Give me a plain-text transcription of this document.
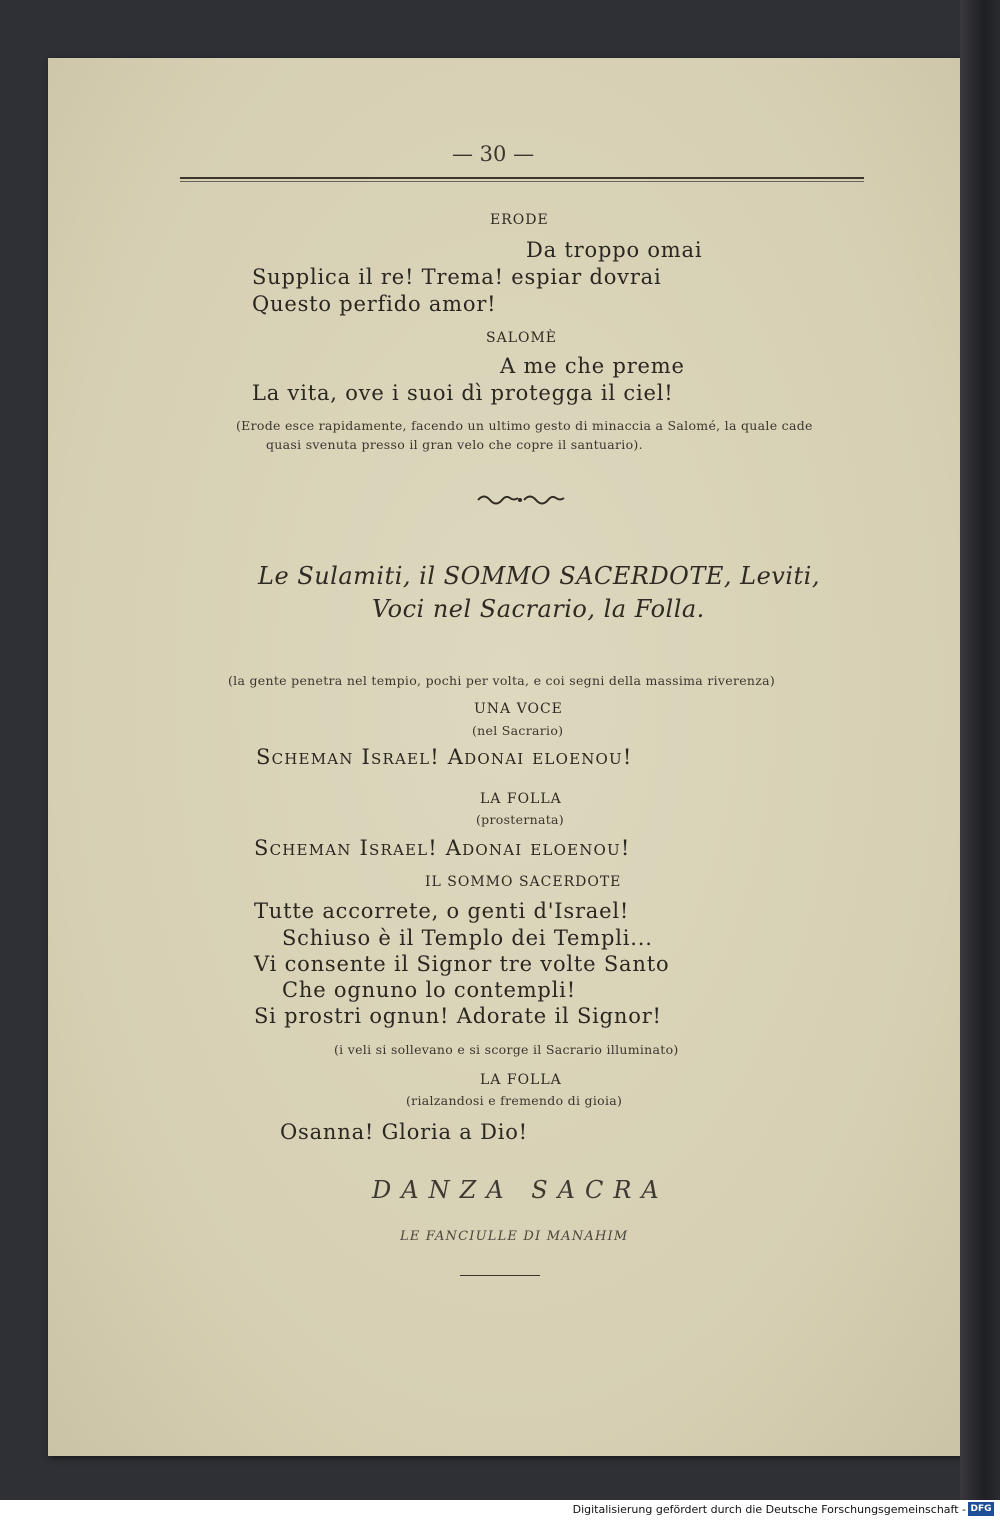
— 30 —
ERODE
Da troppo omai
Supplica il re! Trema! espiar dovrai
Questo perfido amor!
SALOMÈ
A me che preme
La vita, ove i suoi dì protegga il ciel!
(Erode esce rapidamente, facendo un ultimo gesto di minaccia a Salomé, la quale cade
quasi svenuta presso il gran velo che copre il santuario).
Le Sulamiti, il SOMMO SACERDOTE, Leviti,
Voci nel Sacrario, la Folla.
(la gente penetra nel tempio, pochi per volta, e coi segni della massima riverenza)
UNA VOCE
(nel Sacrario)
Scheman Israel! Adonai eloenou!
LA FOLLA
(prosternata)
Scheman Israel! Adonai eloenou!
IL SOMMO SACERDOTE
Tutte accorrete, o genti d'Israel!
Schiuso è il Templo dei Templi...
Vi consente il Signor tre volte Santo
Che ognuno lo contempli!
Si prostri ognun! Adorate il Signor!
(i veli si sollevano e si scorge il Sacrario illuminato)
LA FOLLA
(rialzandosi e fremendo di gioia)
Osanna! Gloria a Dio!
DANZA SACRA
LE FANCIULLE DI MANAHIM
Digitalisierung gefördert durch die Deutsche Forschungsgemeinschaft - DFG
